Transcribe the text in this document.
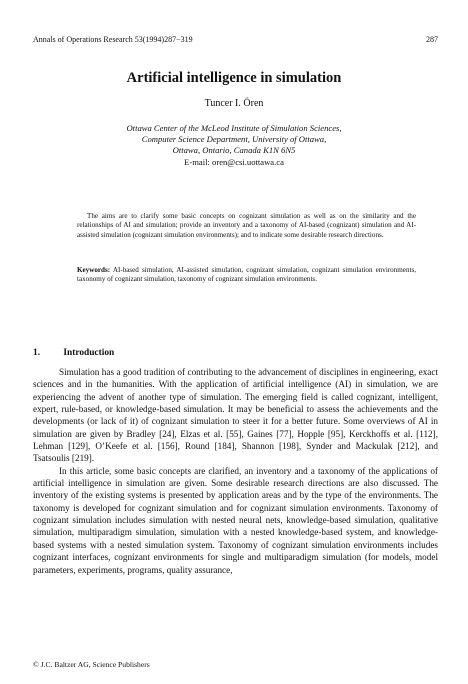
Annals of Operations Research 53(1994)287−319	287
Artificial intelligence in simulation
Tuncer I. Ören
Ottawa Center of the McLeod Institute of Simulation Sciences,
Computer Science Department, University of Ottawa,
Ottawa, Ontario, Canada K1N 6N5
E-mail: oren@csi.uottawa.ca
The aims are to clarify some basic concepts on cognizant simulation as well as on the similarity and the relationships of AI and simulation; provide an inventory and a taxonomy of AI-based (cognizant) simulation and AI-assisted simulation (cognizant simulation environments); and to indicate some desirable research directions.
Keywords: AI-based simulation, AI-assisted simulation, cognizant simulation, cognizant simulation environments, taxonomy of cognizant simulation, taxonomy of cognizant simulation environments.
1. Introduction

Simulation has a good tradition of contributing to the advancement of disciplines in engineering, exact sciences and in the humanities. With the application of artificial intelligence (AI) in simulation, we are experiencing the advent of another type of simulation. The emerging field is called cognizant, intelligent, expert, rule-based, or knowledge-based simulation. It may be beneficial to assess the achievements and the developments (or lack of it) of cognizant simulation to steer it for a better future. Some overviews of AI in simulation are given by Bradley [24], Elzas et al. [55], Gaines [77], Hopple [95], Kerckhoffs et al. [112], Lehman [129], O’Keefe et al. [156], Round [184], Shannon [198], Synder and Mackulak [212], and Tsatsoulis [219].

In this article, some basic concepts are clarified, an inventory and a taxonomy of the applications of artificial intelligence in simulation are given. Some desirable research directions are also discussed. The inventory of the existing systems is presented by application areas and by the type of the environments. The taxonomy is developed for cognizant simulation and for cognizant simulation environments. Taxonomy of cognizant simulation includes simulation with nested neural nets, knowledge-based simulation, qualitative simulation, multiparadigm simulation, simulation with a nested knowledge-based system, and knowledge-based systems with a nested simulation system. Taxonomy of cognizant simulation environments includes cognizant interfaces, cognizant environments for single and multiparadigm simulation (for models, model parameters, experiments, programs, quality assurance,

© J.C. Baltzer AG, Science Publishers
